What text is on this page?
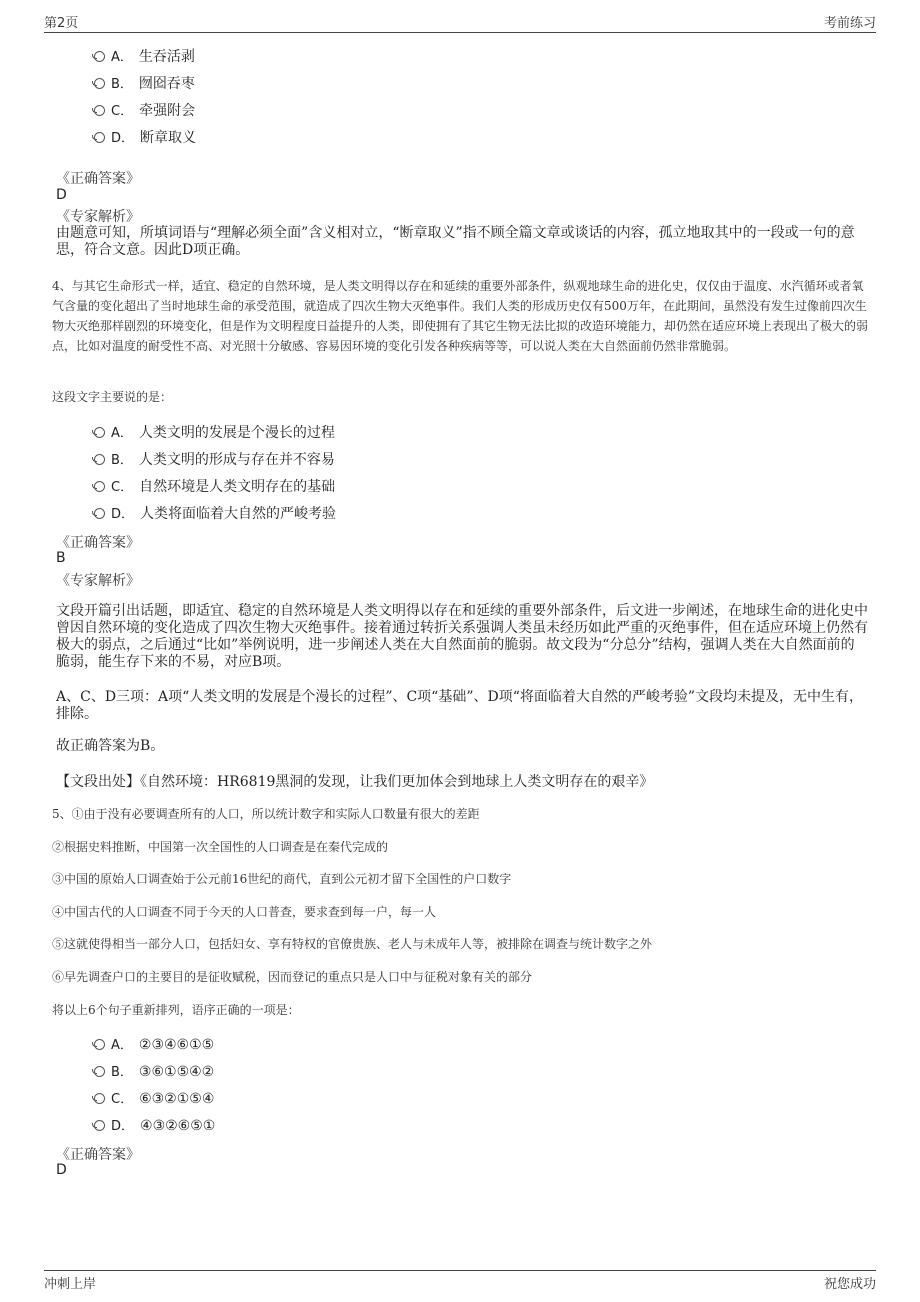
第2页	考前练习
A． 生吞活剥
B． 囫囵吞枣
C． 牵强附会
D． 断章取义
《正确答案》
D
《专家解析》
由题意可知，所填词语与“理解必须全面”含义相对立，“断章取义”指不顾全篇文章或谈话的内容，孤立地取其中的一段或一句的意思，符合文意。因此D项正确。
4、与其它生命形式一样，适宜、稳定的自然环境，是人类文明得以存在和延续的重要外部条件，纵观地球生命的进化史，仅仅由于温度、水汽循环或者氧气含量的变化超出了当时地球生命的承受范围，就造成了四次生物大灭绝事件。我们人类的形成历史仅有500万年，在此期间，虽然没有发生过像前四次生物大灭绝那样剧烈的环境变化，但是作为文明程度日益提升的人类，即使拥有了其它生物无法比拟的改造环境能力，却仍然在适应环境上表现出了极大的弱点，比如对温度的耐受性不高、对光照十分敏感、容易因环境的变化引发各种疾病等等，可以说人类在大自然面前仍然非常脆弱。
这段文字主要说的是：
A． 人类文明的发展是个漫长的过程
B． 人类文明的形成与存在并不容易
C． 自然环境是人类文明存在的基础
D． 人类将面临着大自然的严峻考验
《正确答案》
B
《专家解析》
文段开篇引出话题，即适宜、稳定的自然环境是人类文明得以存在和延续的重要外部条件，后文进一步阐述，在地球生命的进化史中曾因自然环境的变化造成了四次生物大灭绝事件。接着通过转折关系强调人类虽未经历如此严重的灭绝事件，但在适应环境上仍然有极大的弱点，之后通过“比如”举例说明，进一步阐述人类在大自然面前的脆弱。故文段为“分总分”结构，强调人类在大自然面前的脆弱，能生存下来的不易，对应B项。
A、C、D三项：A项“人类文明的发展是个漫长的过程”、C项“基础”、D项“将面临着大自然的严峻考验”文段均未提及，无中生有，排除。
故正确答案为B。
【文段出处】《自然环境：HR6819黑洞的发现，让我们更加体会到地球上人类文明存在的艰辛》
5、①由于没有必要调查所有的人口，所以统计数字和实际人口数量有很大的差距
②根据史料推断，中国第一次全国性的人口调查是在秦代完成的
③中国的原始人口调查始于公元前16世纪的商代，直到公元初才留下全国性的户口数字
④中国古代的人口调查不同于今天的人口普查，要求查到每一户，每一人
⑤这就使得相当一部分人口，包括妇女、享有特权的官僚贵族、老人与未成年人等，被排除在调查与统计数字之外
⑥早先调查户口的主要目的是征收赋税，因而登记的重点只是人口中与征税对象有关的部分
将以上6个句子重新排列，语序正确的一项是：
A． ②③④⑥①⑤
B． ③⑥①⑤④②
C． ⑥③②①⑤④
D． ④③②⑥⑤①
《正确答案》
D
冲刺上岸	祝您成功
